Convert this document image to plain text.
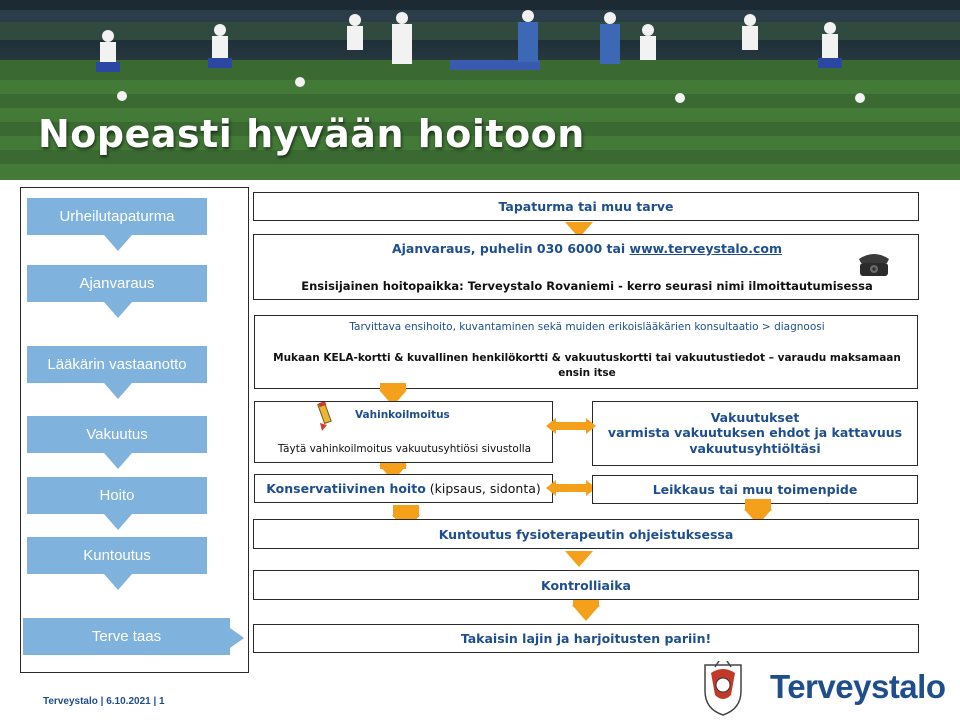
Nopeasti hyvään hoitoon
Urheilutapaturma
Ajanvaraus
Lääkärin vastaanotto
Vakuutus
Hoito
Kuntoutus
Terve taas
Tapaturma tai muu tarve
Ajanvaraus, puhelin 030 6000 tai www.terveystalo.com
Ensisijainen hoitopaikka: Terveystalo Rovaniemi - kerro seurasi nimi ilmoittautumisessa
Tarvittava ensihoito, kuvantaminen sekä muiden erikoislääkärien konsultaatio > diagnoosi
Mukaan KELA-kortti & kuvallinen henkilökortti & vakuutuskortti tai vakuutustiedot – varaudu maksamaan ensin itse
Vahinkoilmoitus
Täytä vahinkoilmoitus vakuutusyhtiösi sivustolla
Vakuutukset
varmista vakuutuksen ehdot ja kattavuus vakuutusyhtiöltäsi
Konservatiivinen hoito (kipsaus, sidonta)	Leikkaus tai muu toimenpide
Kuntoutus fysioterapeutin ohjeistuksessa
Kontrolliaika
Takaisin lajin ja harjoitusten pariin!
Terveystalo | 6.10.2021 | 1	Terveystalo
